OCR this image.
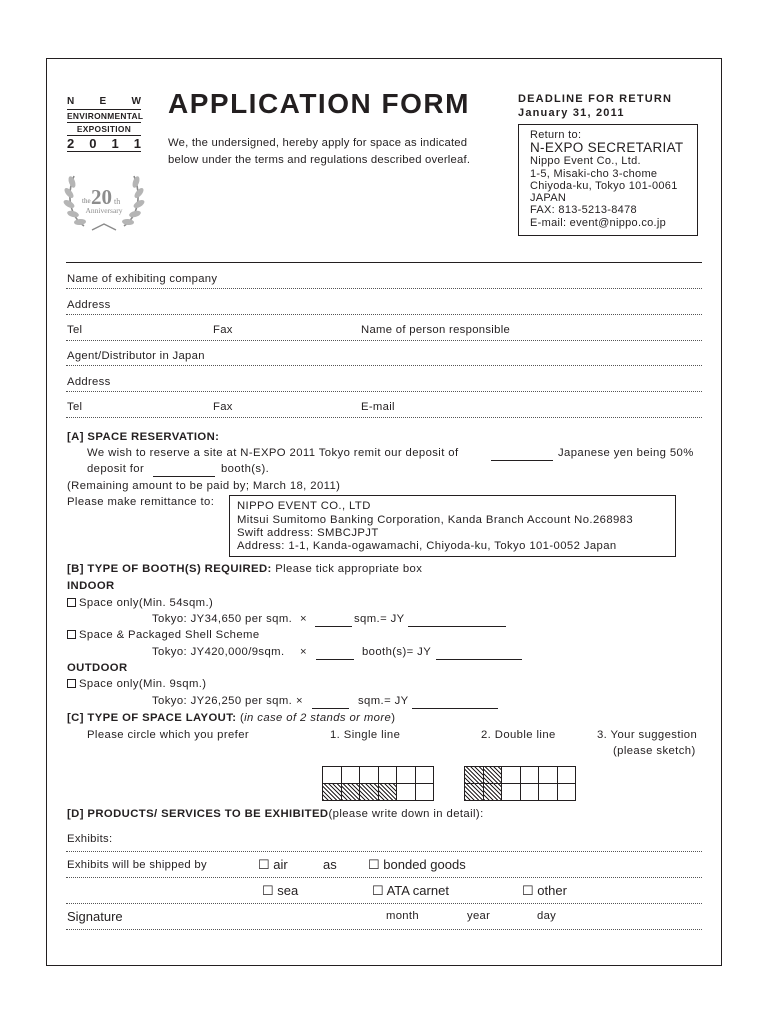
N	E	W
ENVIRONMENTAL
EXPOSITION
2 0 1 1
the 20 th
Anniversary
APPLICATION FORM
We, the undersigned, hereby apply for space as indicated
below under the terms and regulations described overleaf.
DEADLINE FOR RETURN
January 31, 2011
Return to:
N-EXPO SECRETARIAT
Nippo Event Co., Ltd.
1-5, Misaki-cho 3-chome
Chiyoda-ku, Tokyo 101-0061
JAPAN
FAX: 813-5213-8478
E-mail: event@nippo.co.jp
Name of exhibiting company
Address
Tel	Fax	Name of person responsible
Agent/Distributor in Japan
Address
Tel	Fax	E-mail
[A] SPACE RESERVATION:
We wish to reserve a site at N-EXPO 2011 Tokyo remit our deposit of	Japanese yen being 50%
deposit for	booth(s).
(Remaining amount to be paid by; March 18, 2011)
Please make remittance to: NIPPO EVENT CO., LTD
Mitsui Sumitomo Banking Corporation, Kanda Branch Account No.268983
Swift address: SMBCJPJT
Address: 1-1, Kanda-ogawamachi, Chiyoda-ku, Tokyo 101-0052 Japan
[B] TYPE OF BOOTH(S) REQUIRED: Please tick appropriate box
INDOOR
Space only(Min. 54sqm.)
Tokyo: JY34,650 per sqm. ×	sqm.= JY
Space & Packaged Shell Scheme
Tokyo: JY420,000/9sqm. ×	booth(s)= JY
OUTDOOR
Space only(Min. 9sqm.)
Tokyo: JY26,250 per sqm. ×	sqm.= JY
[C] TYPE OF SPACE LAYOUT: (in case of 2 stands or more)
Please circle which you prefer	1. Single line	2. Double line	3. Your suggestion
(please sketch)
[D] PRODUCTS/ SERVICES TO BE EXHIBITED(please write down in detail):
Exhibits:
Exhibits will be shipped by	☐ air	as ☐ bonded goods
☐ sea	☐ ATA carnet	☐ other
Signature	month	year	day
